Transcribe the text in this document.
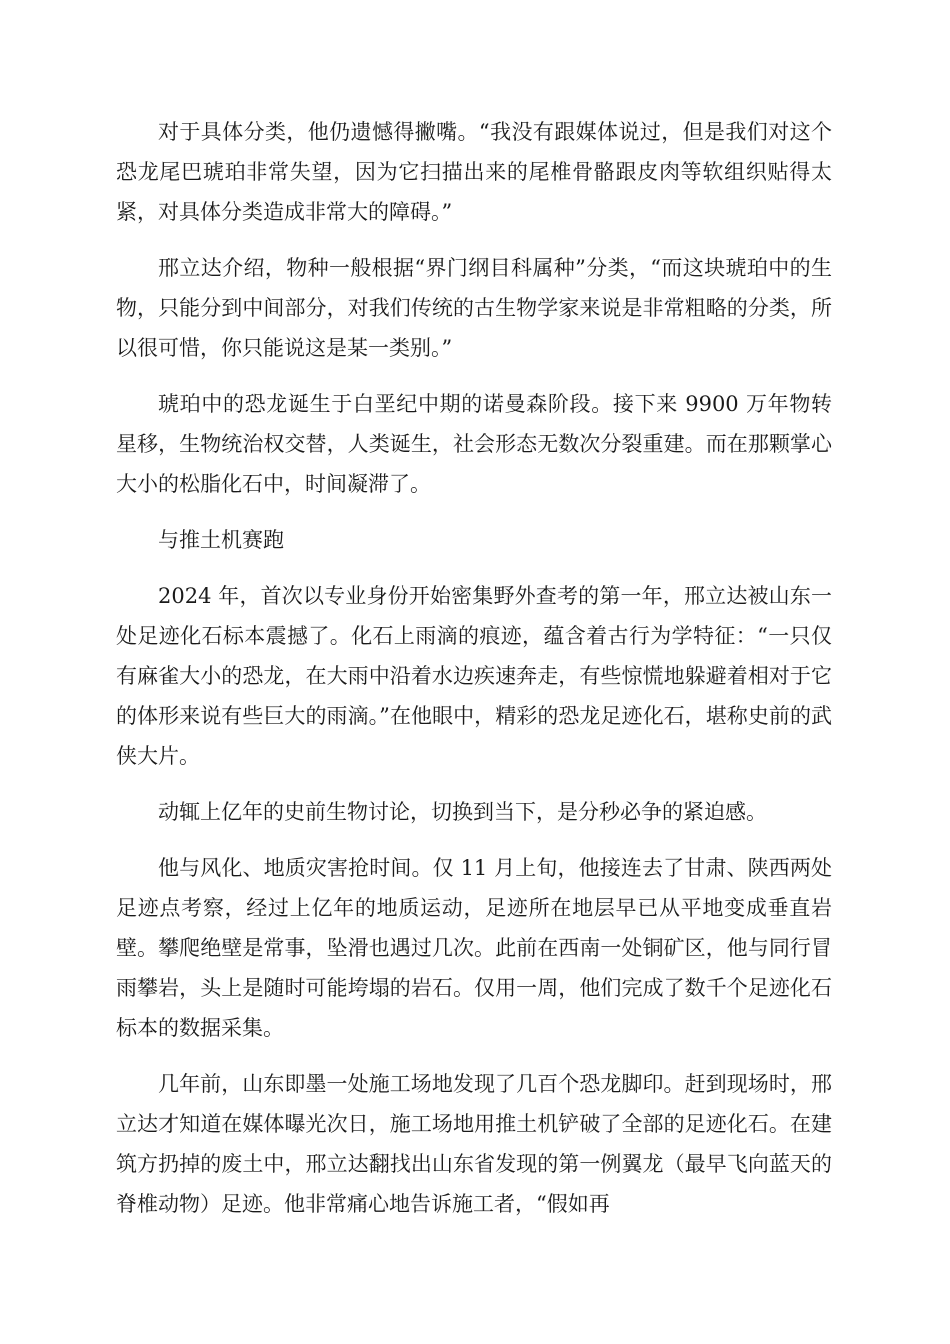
对于具体分类，他仍遗憾得撇嘴。“我没有跟媒体说过，但是我们对这个恐龙尾巴琥珀非常失望，因为它扫描出来的尾椎骨骼跟皮肉等软组织贴得太紧，对具体分类造成非常大的障碍。”

邢立达介绍，物种一般根据“界门纲目科属种”分类，“而这块琥珀中的生物，只能分到中间部分，对我们传统的古生物学家来说是非常粗略的分类，所以很可惜，你只能说这是某一类别。”

琥珀中的恐龙诞生于白垩纪中期的诺曼森阶段。接下来 9900 万年物转星移，生物统治权交替，人类诞生，社会形态无数次分裂重建。而在那颗掌心大小的松脂化石中，时间凝滞了。

与推土机赛跑

2024 年，首次以专业身份开始密集野外查考的第一年，邢立达被山东一处足迹化石标本震撼了。化石上雨滴的痕迹，蕴含着古行为学特征：“一只仅有麻雀大小的恐龙，在大雨中沿着水边疾速奔走，有些惊慌地躲避着相对于它的体形来说有些巨大的雨滴。”在他眼中，精彩的恐龙足迹化石，堪称史前的武侠大片。

动辄上亿年的史前生物讨论，切换到当下，是分秒必争的紧迫感。

他与风化、地质灾害抢时间。仅 11 月上旬，他接连去了甘肃、陕西两处足迹点考察，经过上亿年的地质运动，足迹所在地层早已从平地变成垂直岩壁。攀爬绝壁是常事，坠滑也遇过几次。此前在西南一处铜矿区，他与同行冒雨攀岩，头上是随时可能垮塌的岩石。仅用一周，他们完成了数千个足迹化石标本的数据采集。

几年前，山东即墨一处施工场地发现了几百个恐龙脚印。赶到现场时，邢立达才知道在媒体曝光次日，施工场地用推土机铲破了全部的足迹化石。在建筑方扔掉的废土中，邢立达翻找出山东省发现的第一例翼龙（最早飞向蓝天的脊椎动物）足迹。他非常痛心地告诉施工者，“假如再
